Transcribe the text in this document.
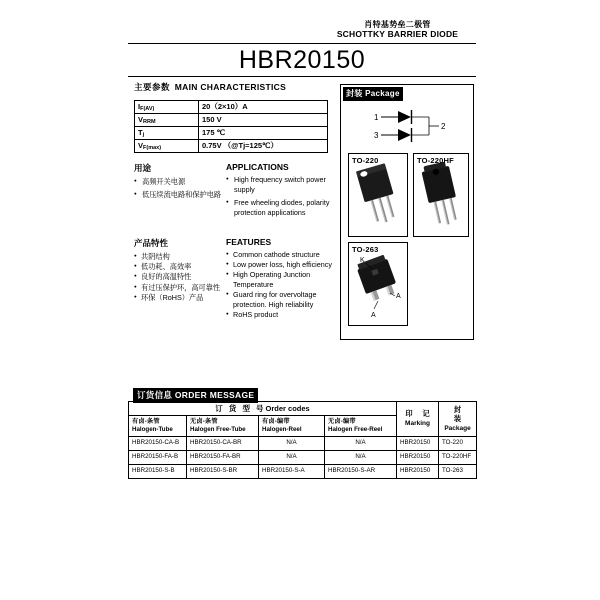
肖特基势垒二极管
SCHOTTKY BARRIER DIODE
HBR20150
主要参数 MAIN CHARACTERISTICS
$I_{F(AV)}$	20（2×10）A
$V_{RRM}$	150 V
$T_j$	175 ℃
$V_{F(max)}$	0.75V （@Tj=125℃）
用途
● 高频开关电源
● 低压续流电路和保护电路
APPLICATIONS
● High frequency switch power supply
● Free wheeling diodes, polarity protection applications
产品特性
● 共阴结构
● 低功耗、高效率
● 良好的高温特性
● 有过压保护环，高可靠性
● 环保（RoHS）产品
FEATURES
● Common cathode structure
● Low power loss, high efficiency
● High Operating Junction Temperature
● Guard ring for overvoltage protection. High reliability
● RoHS product
封装 Package
1
3
2
TO-220	TO-220HF
TO-263
K
A
A
订货信息 ORDER MESSAGE
订 货 型 号Order codes				印 记
Marking	封 装
Package

有卤-条管
Halogen-Tube	无卤-条管
Halogen Free-Tube	有卤-编带
Halogen-Reel	无卤-编带
Halogen Free-Reel		

HBR20150-CA-B	HBR20150-CA-BR	N/A	N/A	HBR20150	TO-220
HBR20150-FA-B	HBR20150-FA-BR	N/A	N/A	HBR20150	TO-220HF
HBR20150-S-B	HBR20150-S-BR	HBR20150-S-A	HBR20150-S-AR	HBR20150	TO-263
